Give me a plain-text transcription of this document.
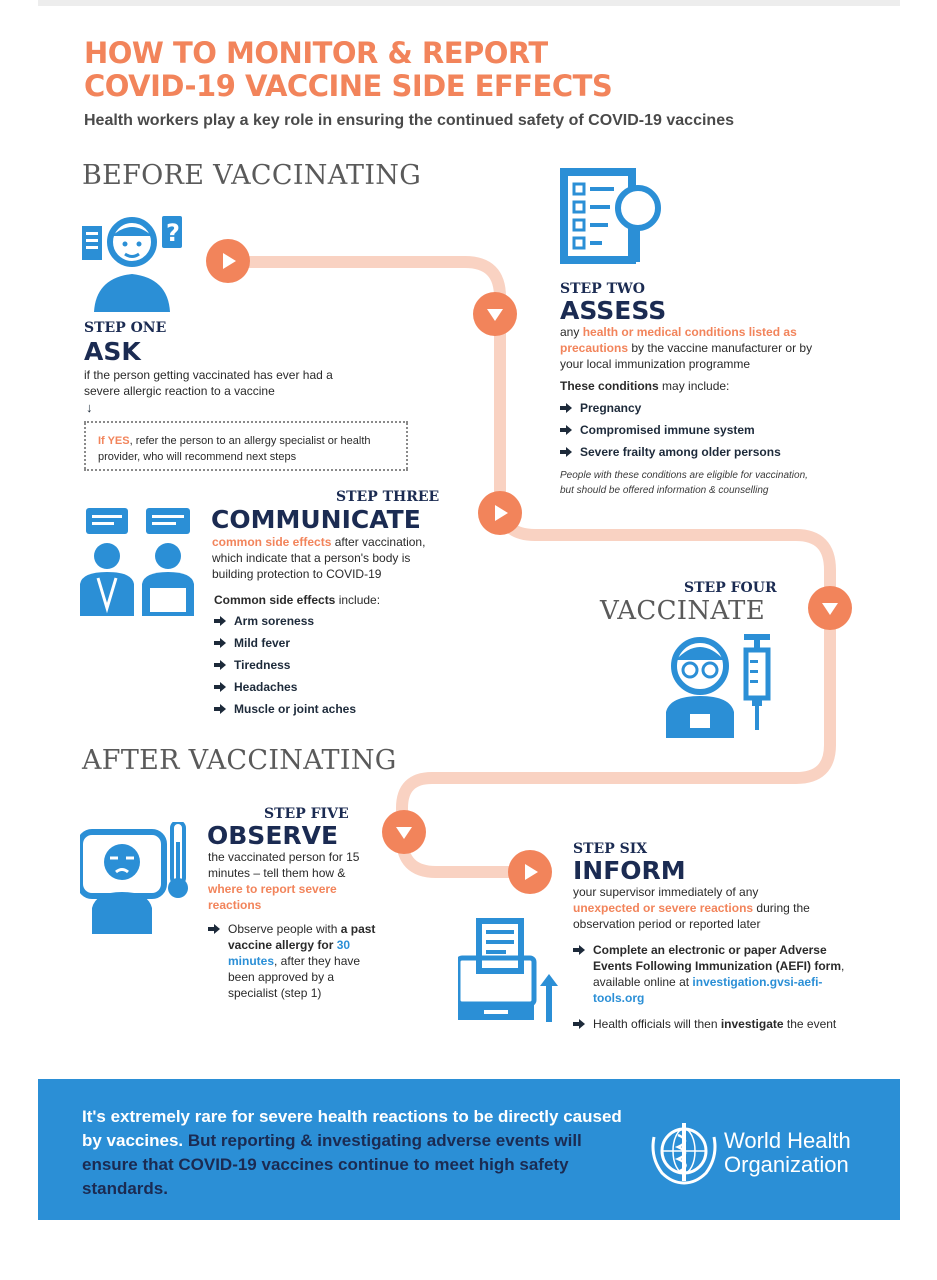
HOW TO MONITOR & REPORT
COVID-19 VACCINE SIDE EFFECTS
Health workers play a key role in ensuring the continued safety of COVID-19 vaccines
BEFORE VACCINATING
?
STEP ONE
ASK
if the person getting vaccinated has ever had a severe allergic reaction to a vaccine
↓
If YES, refer the person to an allergy specialist or health provider, who will recommend next steps
STEP TWO
ASSESS
any health or medical conditions listed as precautions by the vaccine manufacturer or by your local immunization programme
These conditions may include:
Pregnancy
Compromised immune system
Severe frailty among older persons
People with these conditions are eligible for vaccination, but should be offered information & counselling
STEP THREE
COMMUNICATE
common side effects after vaccination, which indicate that a person's body is building protection to COVID-19
Common side effects include:
Arm soreness
Mild fever
Tiredness
Headaches
Muscle or joint aches
STEP FOUR
VACCINATE
AFTER VACCINATING
STEP FIVE
OBSERVE
the vaccinated person for 15 minutes – tell them how & where to report severe reactions
Observe people with a past vaccine allergy for 30 minutes, after they have been approved by a specialist (step 1)
STEP SIX
INFORM
your supervisor immediately of any unexpected or severe reactions during the observation period or reported later
Complete an electronic or paper Adverse Events Following Immunization (AEFI) form, available online at investigation.gvsi-aefi-tools.org
Health officials will then investigate the event
It's extremely rare for severe health reactions to be directly caused by vaccines. But reporting & investigating adverse events will ensure that COVID-19 vaccines continue to meet high safety standards.
World Health
Organization
